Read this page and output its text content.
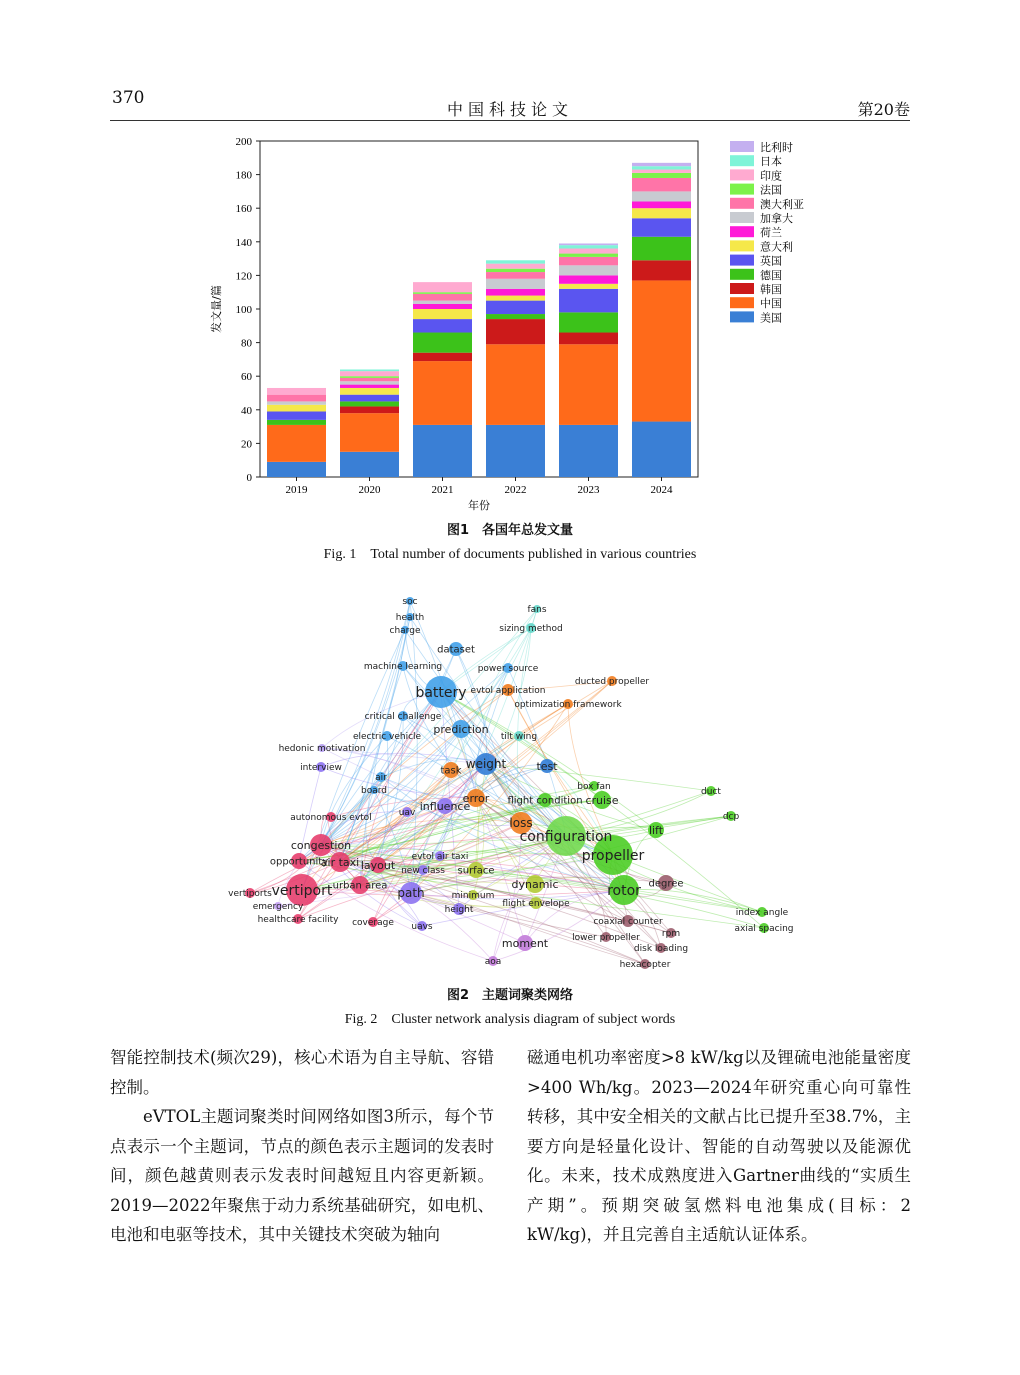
370
中国科技论文	第20卷
0
20
40
60
80
100
120
140
160
180
200
发文量/篇
年份
2019	2020	2021	2022	2023	2024
比利时
日本
印度
法国
澳大利亚
加拿大
荷兰
意大利
英国
德国
韩国
中国
美国
图1　各国年总发文量
Fig. 1　Total number of documents published in various countries
battery
weight
propeller
rotor
configuration
vertiport
congestion
air taxi
opportunity	layout
urban area
path
loss
error
dataset
prediction
task	test
flight condition cruise
lift
degree
dynamic
surface
influence
moment
height
minimum
flight envelope
new class
evtol air taxi
coverage uavs
healthcare facility
vertiports
emergency
autonomous evtol
interview
hedonic motivation
electric vehicle
critical challenge
machine learning	power source
evtol application
optimization framework
ducted propeller
sizing method
fans
tilt wing
health
charge
air
board	box fan	duct
dcp
coaxial counter
lower propeller rpm
disk loading
hexacopter
index angle
axial spacing
uav
aoa
soc
图2　主题词聚类网络
Fig. 2　Cluster network analysis diagram of subject words

智能控制技术(频次29)，核心术语为自主导航、容错控制。

eVTOL主题词聚类时间网络如图3所示，每个节点表示一个主题词，节点的颜色表示主题词的发表时间，颜色越黄则表示发表时间越短且内容更新颖。2019—2022年聚焦于动力系统基础研究，如电机、电池和电驱等技术，其中关键技术突破为轴向

磁通电机功率密度>8 kW/kg以及锂硫电池能量密度>400 Wh/kg。2023—2024年研究重心向可靠性转移，其中安全相关的文献占比已提升至38.7%，主要方向是轻量化设计、智能的自动驾驶以及能源优化。未来，技术成熟度进入Gartner曲线的“实质生产期”。预期突破氢燃料电池集成(目标：2 kW/kg)，并且完善自主适航认证体系。
